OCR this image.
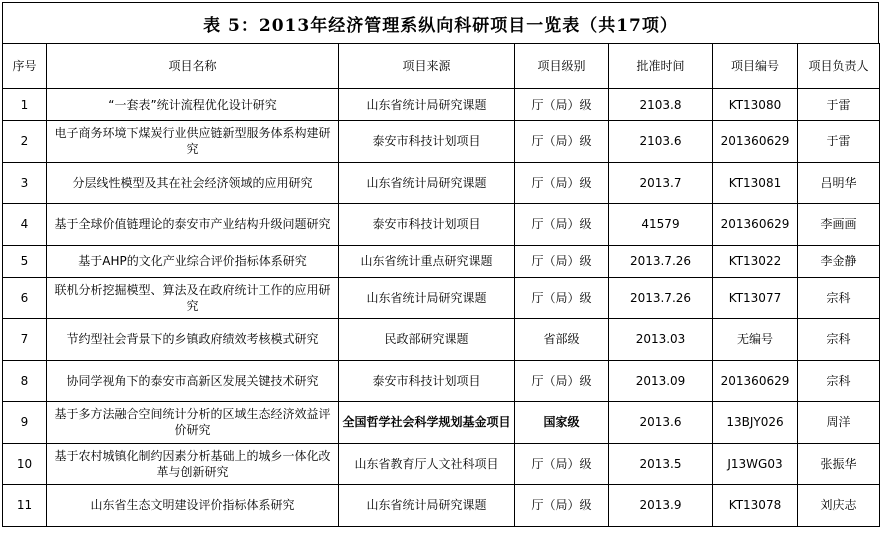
表 5：2013年经济管理系纵向科研项目一览表（共17项）
序号	项目名称	项目来源	项目级别	批准时间	项目编号	项目负责人
1	“一套表”统计流程优化设计研究	山东省统计局研究课题	厅（局）级	2103.8	KT13080	于雷
2	电子商务环境下煤炭行业供应链新型服务体系构建研究	泰安市科技计划项目	厅（局）级	2103.6	201360629	于雷
3	分层线性模型及其在社会经济领域的应用研究	山东省统计局研究课题	厅（局）级	2013.7	KT13081	吕明华
4	基于全球价值链理论的泰安市产业结构升级问题研究	泰安市科技计划项目	厅（局）级	41579	201360629	李画画
5	基于AHP的文化产业综合评价指标体系研究	山东省统计重点研究课题	厅（局）级	2013.7.26	KT13022	李金静
6	联机分析挖掘模型、算法及在政府统计工作的应用研究	山东省统计局研究课题	厅（局）级	2013.7.26	KT13077	宗科
7	节约型社会背景下的乡镇政府绩效考核模式研究	民政部研究课题	省部级	2013.03	无编号	宗科
8	协同学视角下的泰安市高新区发展关键技术研究	泰安市科技计划项目	厅（局）级	2013.09	201360629	宗科
9	基于多方法融合空间统计分析的区域生态经济效益评价研究	全国哲学社会科学规划基金项目	国家级	2013.6	13BJY026	周洋
10	基于农村城镇化制约因素分析基础上的城乡一体化改革与创新研究	山东省教育厅人文社科项目	厅（局）级	2013.5	J13WG03	张振华
11	山东省生态文明建设评价指标体系研究	山东省统计局研究课题	厅（局）级	2013.9	KT13078	刘庆志
